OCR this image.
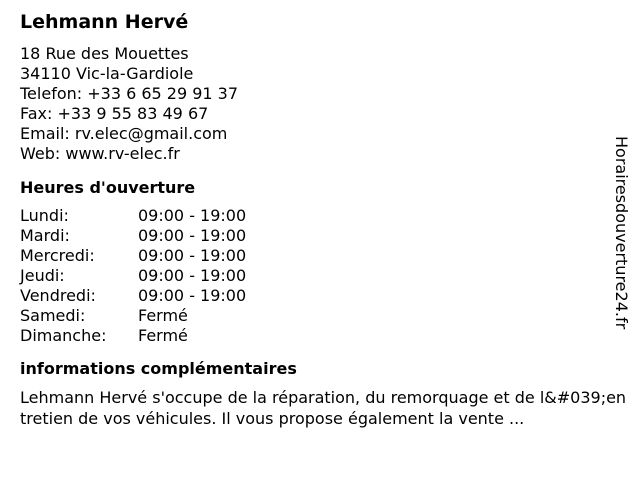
Lehmann Hervé
18 Rue des Mouettes
34110 Vic-la-Gardiole
Telefon: +33 6 65 29 91 37
Fax: +33 9 55 83 49 67
Email: rv.elec@gmail.com
Web: www.rv-elec.fr
Heures d'ouverture
Lundi:	09:00 - 19:00
Mardi:	09:00 - 19:00
Mercredi:	09:00 - 19:00
Jeudi:	09:00 - 19:00
Vendredi:	09:00 - 19:00
Samedi:	Fermé
Dimanche:	Fermé
informations complémentaires
Lehmann Hervé s'occupe de la réparation, du remorquage et de l&#039;entretien de vos véhicules. Il vous propose également la vente ...
Horairesdouverture24.fr
